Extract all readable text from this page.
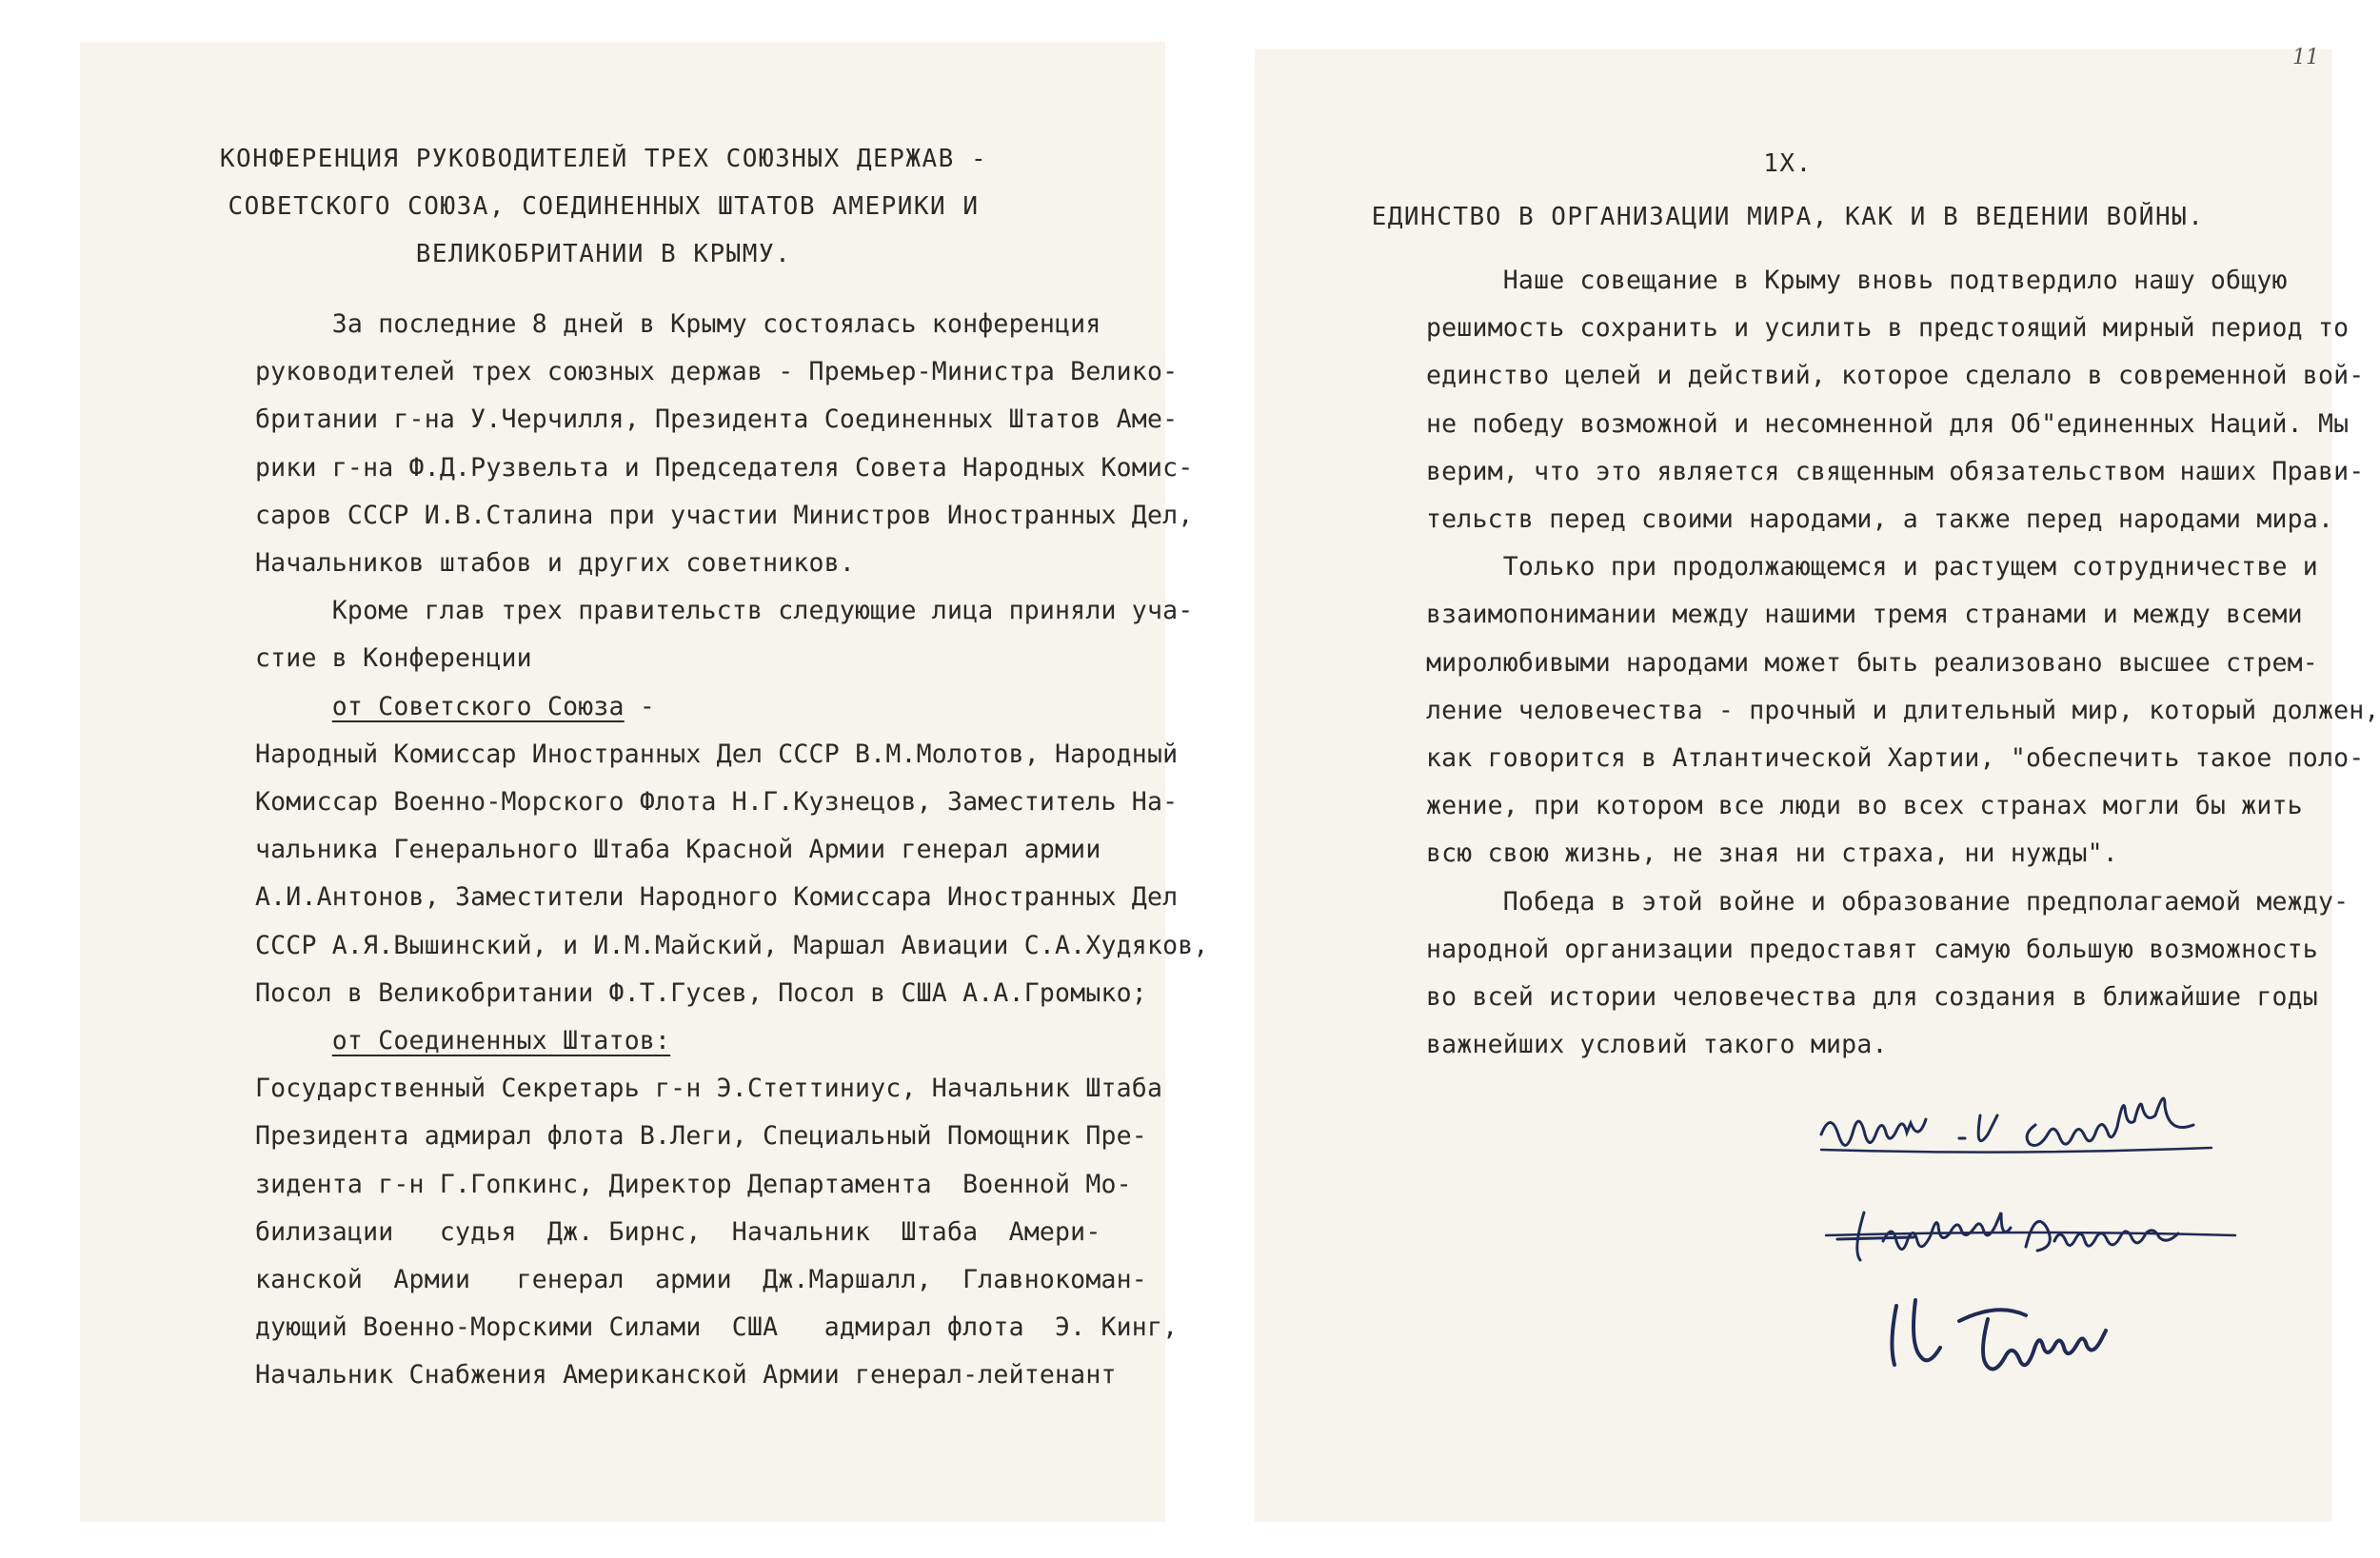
КОНФЕРЕНЦИЯ РУКОВОДИТЕЛЕЙ ТРЕХ СОЮЗНЫХ ДЕРЖАВ -
СОВЕТСКОГО СОЮЗА, СОЕДИНЕННЫХ ШТАТОВ АМЕРИКИ И
ВЕЛИКОБРИТАНИИ В КРЫМУ.
За последние 8 дней в Крыму состоялась конференция
руководителей трех союзных держав - Премьер-Министра Велико-
британии г-на У.Черчилля, Президента Соединенных Штатов Аме-
рики г-на Ф.Д.Рузвельта и Председателя Совета Народных Комис-
саров СССР И.В.Сталина при участии Министров Иностранных Дел,
Начальников штабов и других советников.
Кроме глав трех правительств следующие лица приняли уча-
стие в Конференции
от Советского Союза -
Народный Комиссар Иностранных Дел СССР В.М.Молотов, Народный
Комиссар Военно-Морского Флота Н.Г.Кузнецов, Заместитель На-
чальника Генерального Штаба Красной Армии генерал армии
А.И.Антонов, Заместители Народного Комиссара Иностранных Дел
СССР А.Я.Вышинский, и И.М.Майский, Маршал Авиации С.А.Худяков,
Посол в Великобритании Ф.Т.Гусев, Посол в США А.А.Громыко;
от Соединенных Штатов:
Государственный Секретарь г-н Э.Стеттиниус, Начальник Штаба
Президента адмирал флота В.Леги, Специальный Помощник Пре-
зидента г-н Г.Гопкинс, Директор Департамента  Военной Мо-
билизации   судья  Дж. Бирнс,  Начальник  Штаба  Амери-
канской  Армии   генерал  армии  Дж.Маршалл,  Главнокоман-
дующий Военно-Морскими Силами  США   адмирал флота  Э. Кинг,
Начальник Снабжения Американской Армии генерал-лейтенант
11
1X.
ЕДИНСТВО В ОРГАНИЗАЦИИ МИРА, КАК И В ВЕДЕНИИ ВОЙНЫ.
Наше совещание в Крыму вновь подтвердило нашу общую
решимость сохранить и усилить в предстоящий мирный период то
единство целей и действий, которое сделало в современной вой-
не победу возможной и несомненной для Об"единенных Наций. Мы
верим, что это является священным обязательством наших Прави-
тельств перед своими народами, а также перед народами мира.
Только при продолжающемся и растущем сотрудничестве и
взаимопонимании между нашими тремя странами и между всеми
миролюбивыми народами может быть реализовано высшее стрем-
ление человечества - прочный и длительный мир, который должен,
как говорится в Атлантической Хартии, "обеспечить такое поло-
жение, при котором все люди во всех странах могли бы жить
всю свою жизнь, не зная ни страха, ни нужды".
Победа в этой войне и образование предполагаемой между-
народной организации предоставят самую большую возможность
во всей истории человечества для создания в ближайшие годы
важнейших условий такого мира.
